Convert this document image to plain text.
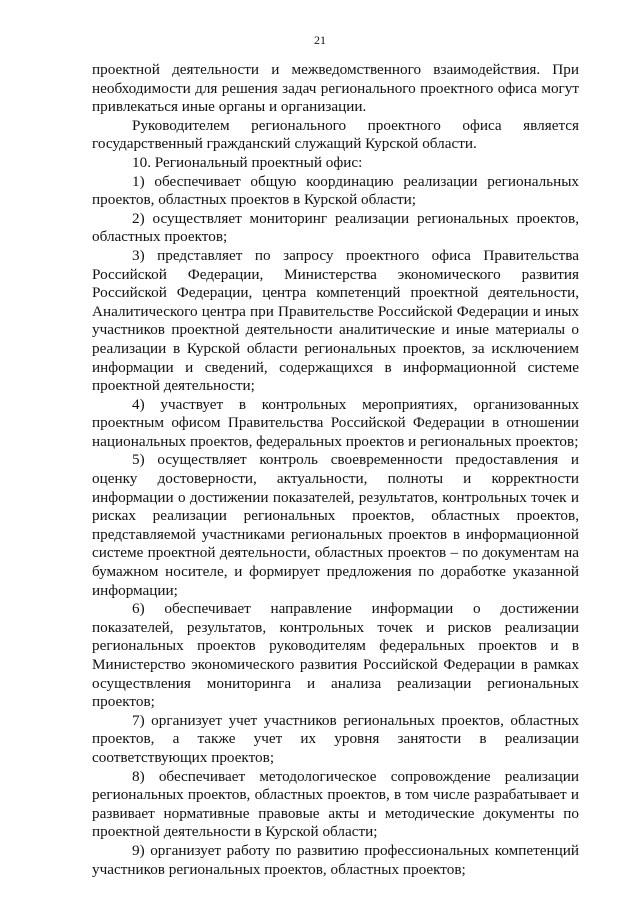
21

проектной деятельности и межведомственного взаимодействия. При необходимости для решения задач регионального проектного офиса могут привлекаться иные органы и организации.

Руководителем регионального проектного офиса является государственный гражданский служащий Курской области.

10. Региональный проектный офис:

1) обеспечивает общую координацию реализации региональных проектов, областных проектов в Курской области;

2) осуществляет мониторинг реализации региональных проектов, областных проектов;

3) представляет по запросу проектного офиса Правительства Российской Федерации, Министерства экономического развития Российской Федерации, центра компетенций проектной деятельности, Аналитического центра при Правительстве Российской Федерации и иных участников проектной деятельности аналитические и иные материалы о реализации в Курской области региональных проектов, за исключением информации и сведений, содержащихся в информационной системе проектной деятельности;

4) участвует в контрольных мероприятиях, организованных проектным офисом Правительства Российской Федерации в отношении национальных проектов, федеральных проектов и региональных проектов;

5) осуществляет контроль своевременности предоставления и оценку достоверности, актуальности, полноты и корректности информации о достижении показателей, результатов, контрольных точек и рисках реализации региональных проектов, областных проектов, представляемой участниками региональных проектов в информационной системе проектной деятельности, областных проектов – по документам на бумажном носителе, и формирует предложения по доработке указанной информации;

6) обеспечивает направление информации о достижении показателей, результатов, контрольных точек и рисков реализации региональных проектов руководителям федеральных проектов и в Министерство экономического развития Российской Федерации в рамках осуществления мониторинга и анализа реализации региональных проектов;

7) организует учет участников региональных проектов, областных проектов, а также учет их уровня занятости в реализации соответствующих проектов;

8) обеспечивает методологическое сопровождение реализации региональных проектов, областных проектов, в том числе разрабатывает и развивает нормативные правовые акты и методические документы по проектной деятельности в Курской области;

9) организует работу по развитию профессиональных компетенций участников региональных проектов, областных проектов;
